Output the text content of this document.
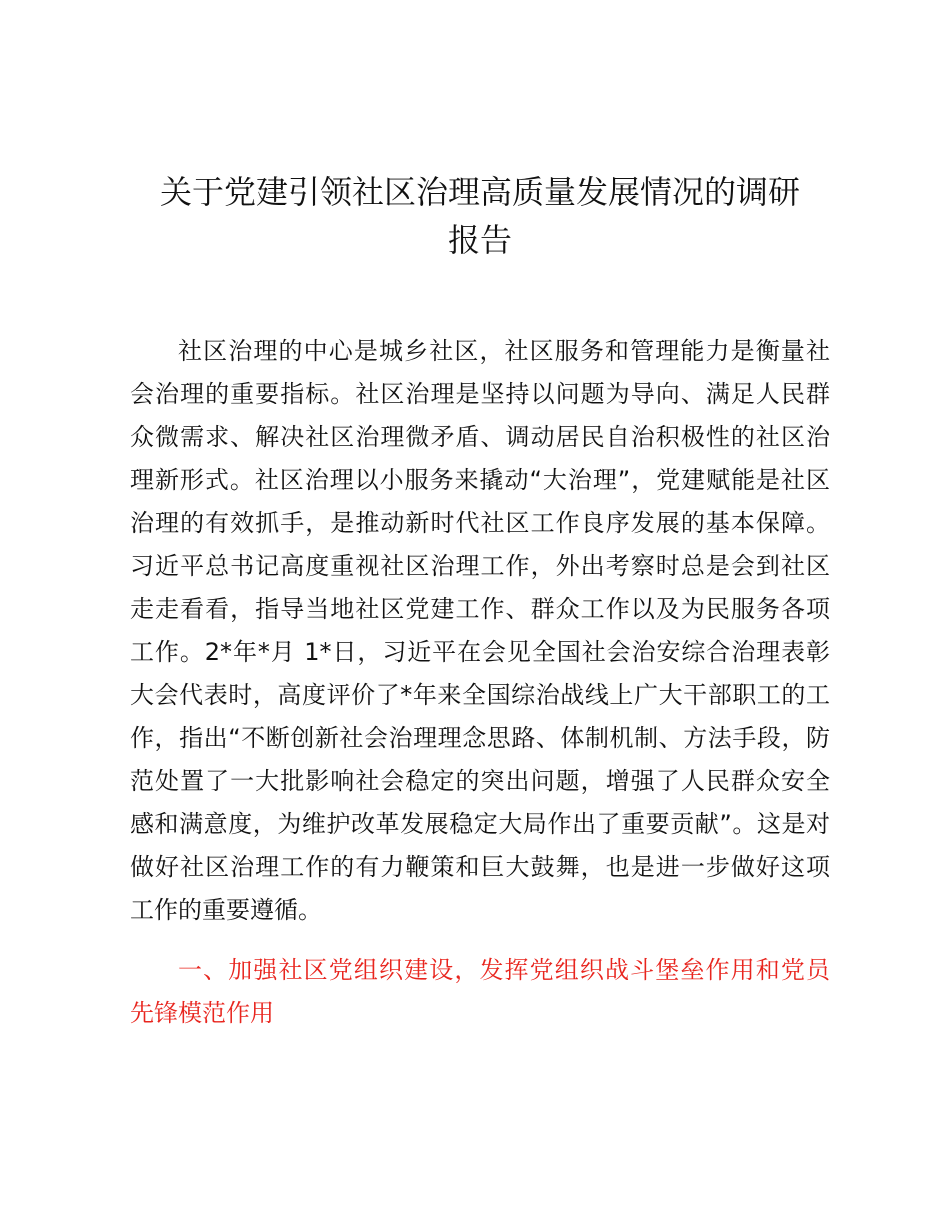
关于党建引领社区治理高质量发展情况的调研
报告
社区治理的中心是城乡社区，社区服务和管理能力是衡量社
会治理的重要指标。社区治理是坚持以问题为导向、满足人民群
众微需求、解决社区治理微矛盾、调动居民自治积极性的社区治
理新形式。社区治理以小服务来撬动“大治理”，党建赋能是社区
治理的有效抓手，是推动新时代社区工作良序发展的基本保障。
习近平总书记高度重视社区治理工作，外出考察时总是会到社区
走走看看，指导当地社区党建工作、群众工作以及为民服务各项
工作。2*年*月 1*日，习近平在会见全国社会治安综合治理表彰
大会代表时，高度评价了*年来全国综治战线上广大干部职工的工
作，指出“不断创新社会治理理念思路、体制机制、方法手段，防
范处置了一大批影响社会稳定的突出问题，增强了人民群众安全
感和满意度，为维护改革发展稳定大局作出了重要贡献”。这是对
做好社区治理工作的有力鞭策和巨大鼓舞，也是进一步做好这项
工作的重要遵循。
一、加强社区党组织建设，发挥党组织战斗堡垒作用和党员
先锋模范作用
